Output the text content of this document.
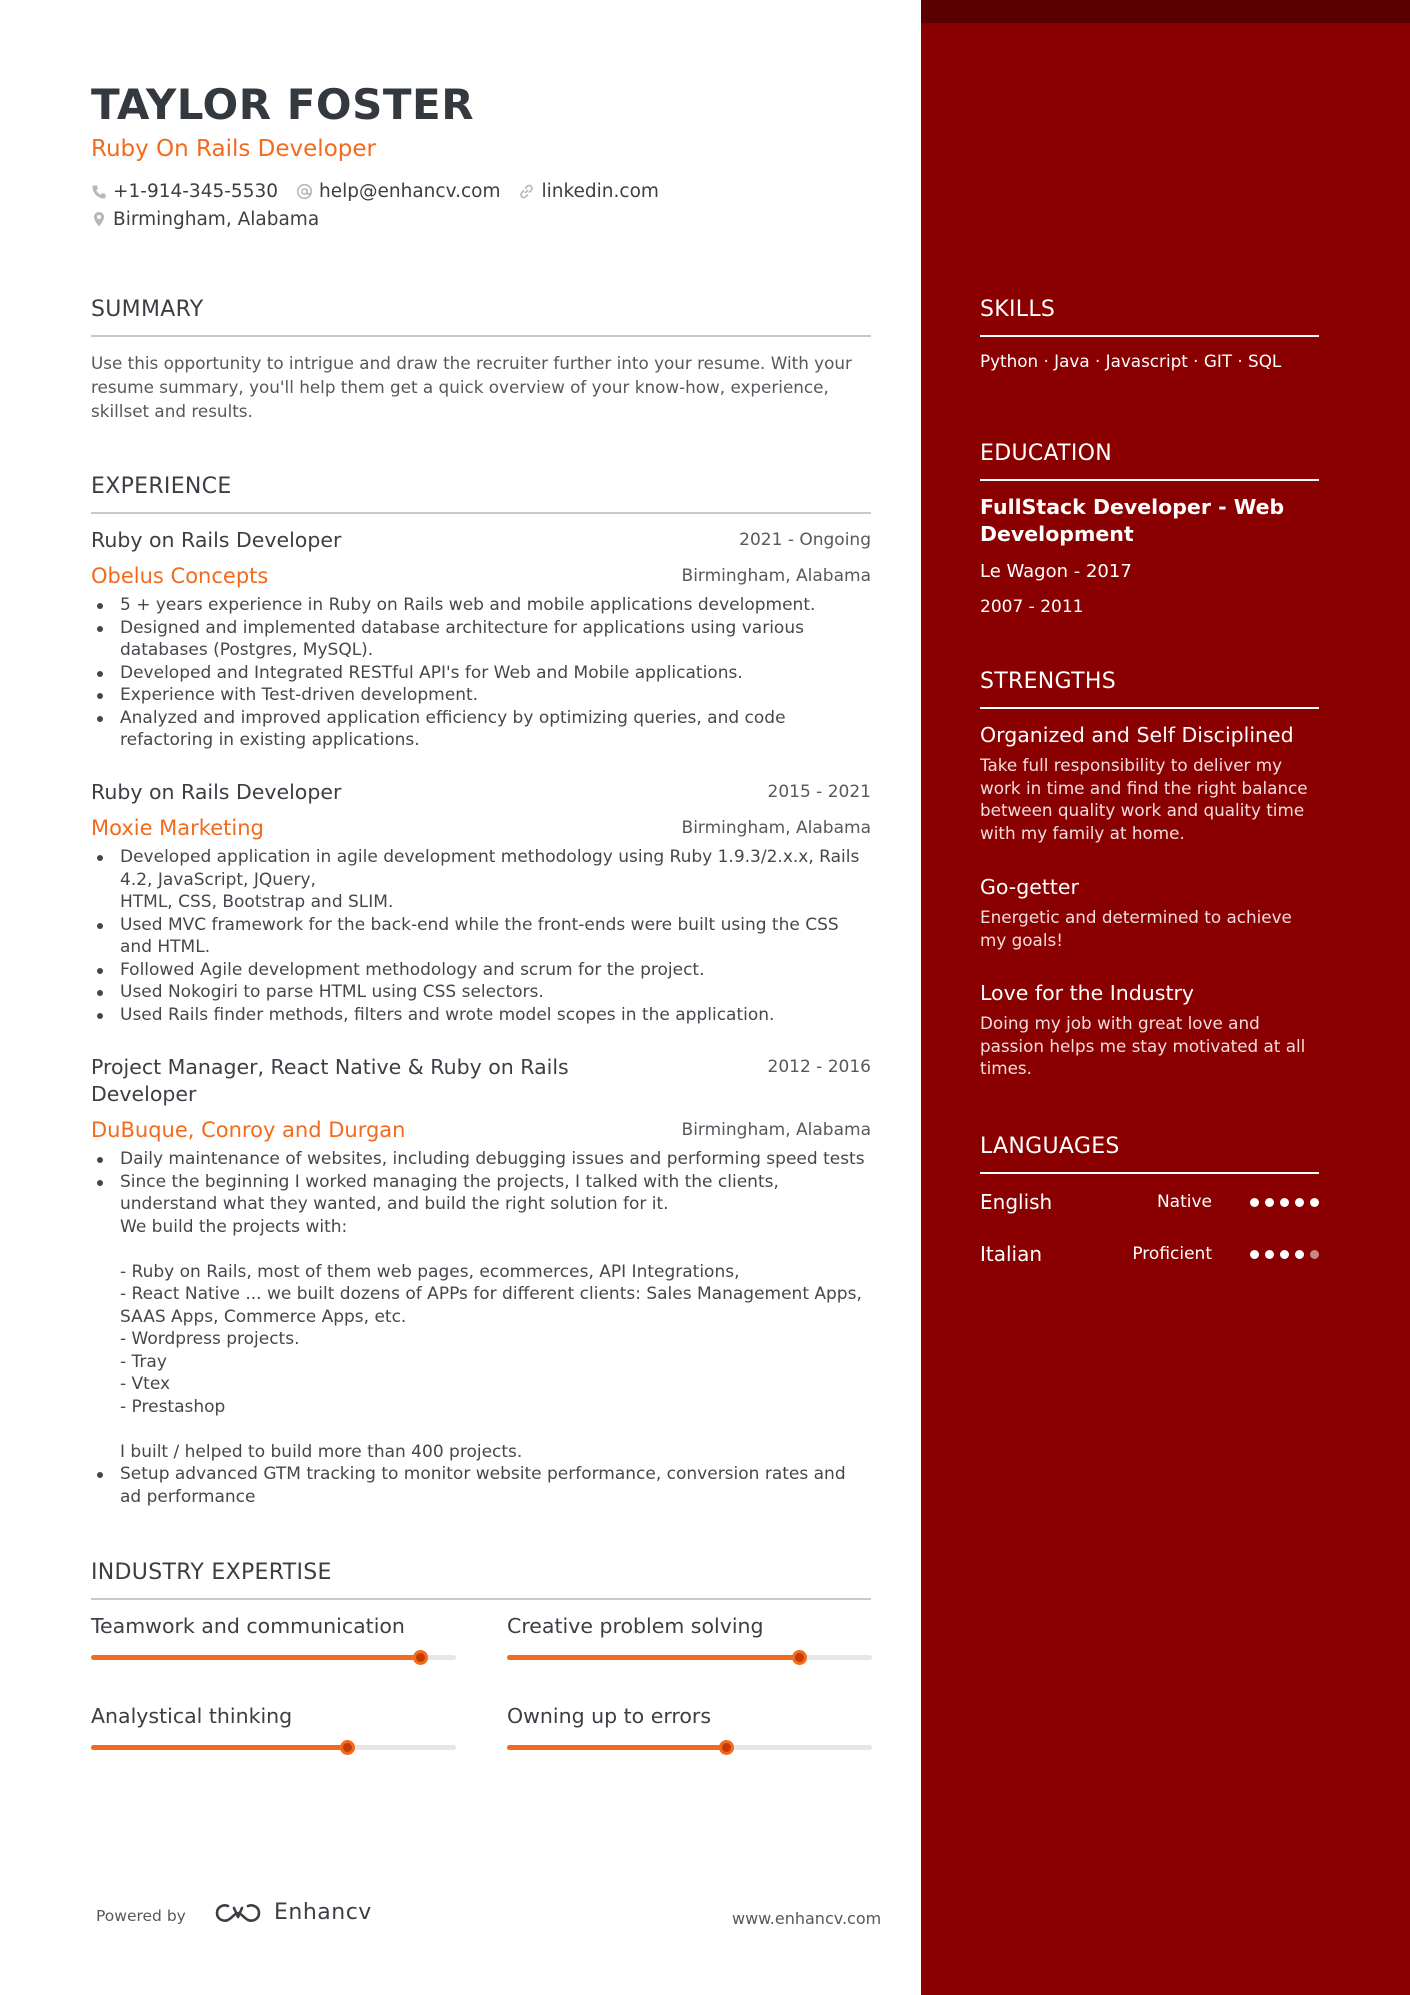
TAYLOR FOSTER
Ruby On Rails Developer
+1-914-345-5530 help@enhancv.com linkedin.com
Birmingham, Alabama
SUMMARY
Use this opportunity to intrigue and draw the recruiter further into your resume. With your resume summary, you'll help them get a quick overview of your know-how, experience, skillset and results.
EXPERIENCE
Ruby on Rails Developer	2021 - Ongoing
Obelus Concepts	Birmingham, Alabama
5 + years experience in Ruby on Rails web and mobile applications development.
Designed and implemented database architecture for applications using various databases (Postgres, MySQL).
Developed and Integrated RESTful API's for Web and Mobile applications.
Experience with Test-driven development.
Analyzed and improved application efficiency by optimizing queries, and code refactoring in existing applications.
Ruby on Rails Developer	2015 - 2021
Moxie Marketing	Birmingham, Alabama
Developed application in agile development methodology using Ruby 1.9.3/2.x.x, Rails 4.2, JavaScript, JQuery,
HTML, CSS, Bootstrap and SLIM.
Used MVC framework for the back-end while the front-ends were built using the CSS and HTML.
Followed Agile development methodology and scrum for the project.
Used Nokogiri to parse HTML using CSS selectors.
Used Rails finder methods, filters and wrote model scopes in the application.
Project Manager, React Native & Ruby on Rails Developer
2012 - 2016
DuBuque, Conroy and Durgan	Birmingham, Alabama
Daily maintenance of websites, including debugging issues and performing speed tests
Since the beginning I worked managing the projects, I talked with the clients, understand what they wanted, and build the right solution for it.
We build the projects with:

- Ruby on Rails, most of them web pages, ecommerces, API Integrations,
- React Native ... we built dozens of APPs for different clients: Sales Management Apps, SAAS Apps, Commerce Apps, etc.
- Wordpress projects.
- Tray
- Vtex
- Prestashop

I built / helped to build more than 400 projects.
Setup advanced GTM tracking to monitor website performance, conversion rates and ad performance
INDUSTRY EXPERTISE
Teamwork and communication	Creative problem solving
Analystical thinking	Owning up to errors
Powered by	Enhancv	www.enhancv.com
SKILLS
Python · Java · Javascript · GIT · SQL
EDUCATION
FullStack Developer - Web Development
Le Wagon - 2017
2007 - 2011
STRENGTHS
Organized and Self Disciplined
Take full responsibility to deliver my work in time and find the right balance between quality work and quality time with my family at home.
Go-getter
Energetic and determined to achieve my goals!
Love for the Industry
Doing my job with great love and passion helps me stay motivated at all times.
LANGUAGES
English	Native
Italian	Proficient
